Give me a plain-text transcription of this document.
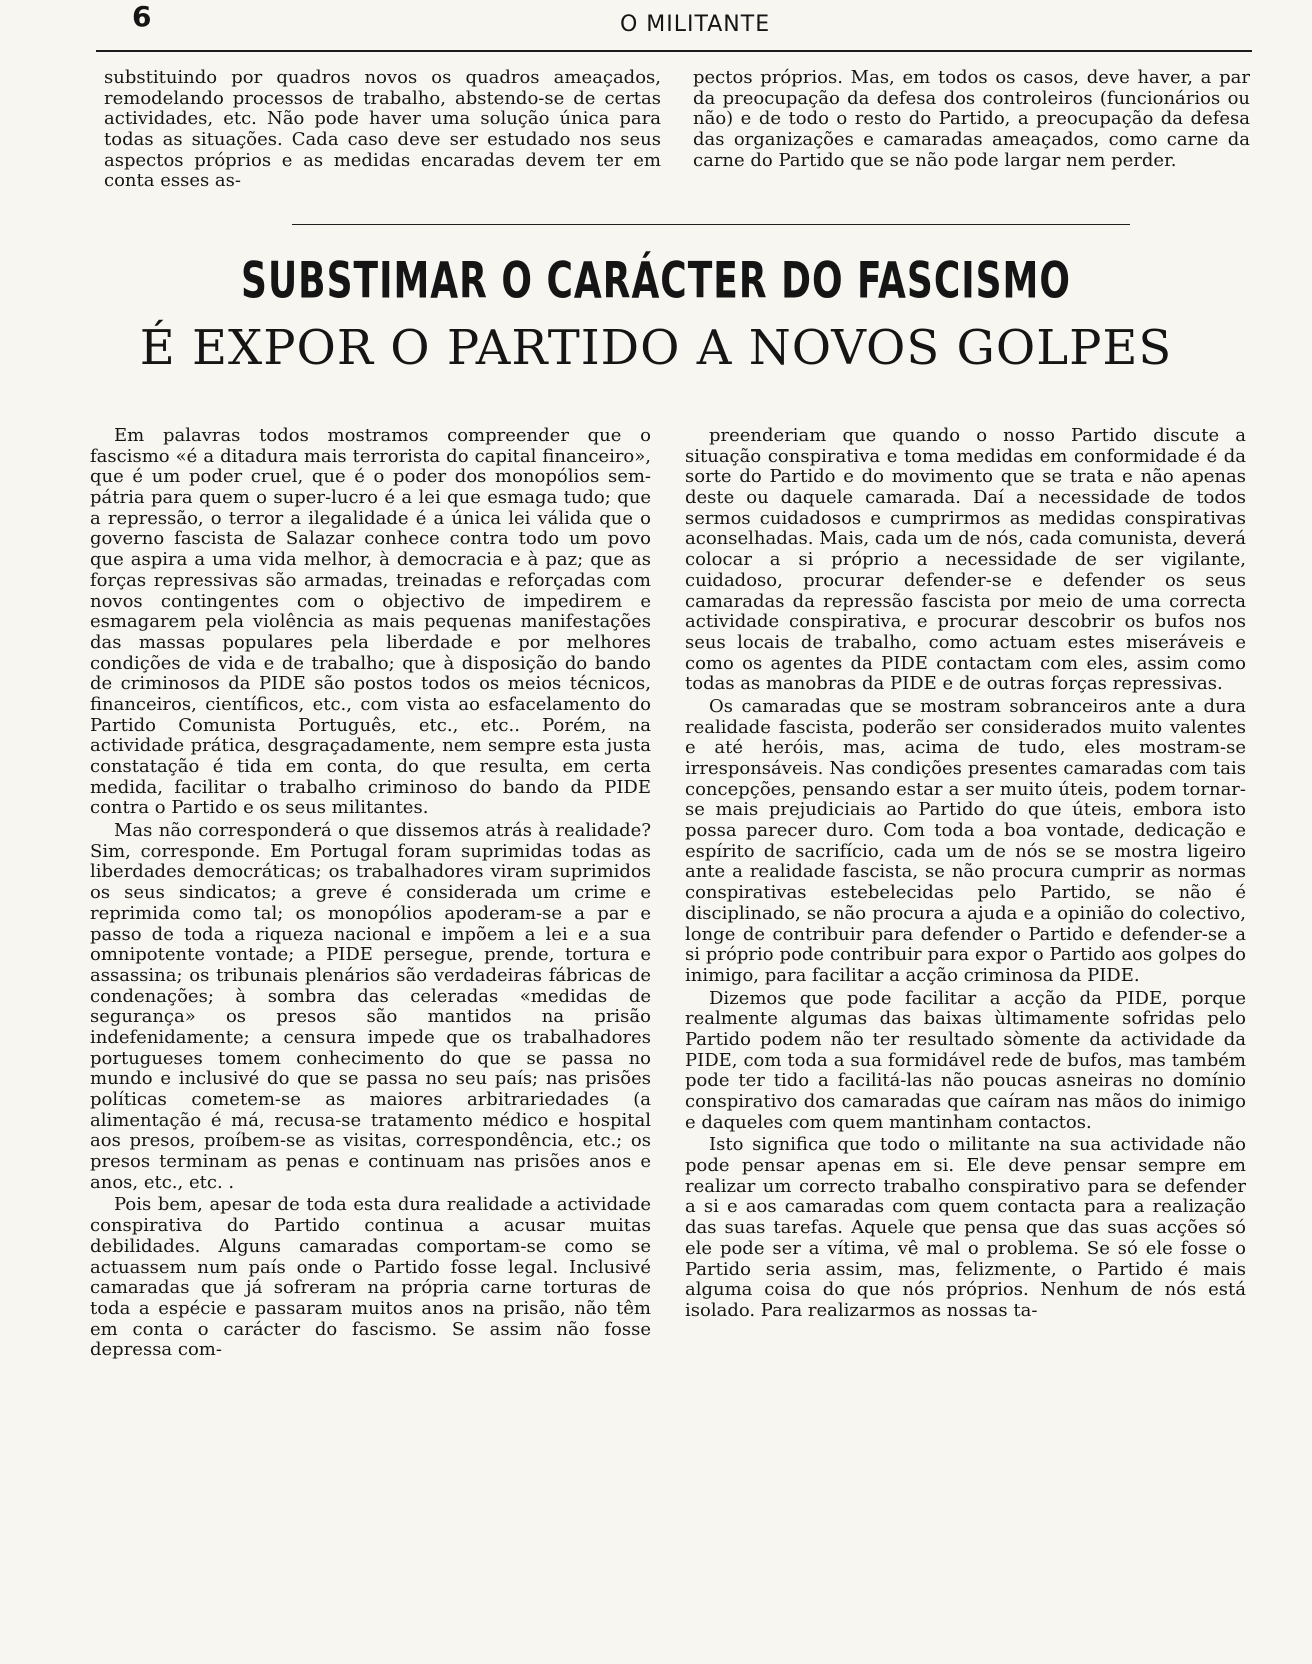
6	O MILITANTE

substituindo por quadros novos os quadros ameaçados, remodelando processos de trabalho, abstendo-se de certas actividades, etc. Não pode haver uma solução única para todas as situações. Cada caso deve ser estudado nos seus aspectos próprios e as medidas encaradas devem ter em conta esses as-

pectos próprios. Mas, em todos os casos, deve haver, a par da preocupação da defesa dos controleiros (funcionários ou não) e de todo o resto do Partido, a preocupação da defesa das organizações e camaradas ameaçados, como carne da carne do Partido que se não pode largar nem perder.

SUBSTIMAR O CARÁCTER DO FASCISMO
É EXPOR O PARTIDO A NOVOS GOLPES

Em palavras todos mostramos compreender que o fascismo «é a ditadura mais terrorista do capital financeiro», que é um poder cruel, que é o poder dos monopólios sem-pátria para quem o super-lucro é a lei que esmaga tudo; que a repressão, o terror a ilegalidade é a única lei válida que o governo fascista de Salazar conhece contra todo um povo que aspira a uma vida melhor, à democracia e à paz; que as forças repressivas são armadas, treinadas e reforçadas com novos contingentes com o objectivo de impedirem e esmagarem pela violência as mais pequenas manifestações das massas populares pela liberdade e por melhores condições de vida e de trabalho; que à disposição do bando de criminosos da PIDE são postos todos os meios técnicos, financeiros, científicos, etc., com vista ao esfacelamento do Partido Comunista Português, etc., etc.. Porém, na actividade prática, desgraçadamente, nem sempre esta justa constatação é tida em conta, do que resulta, em certa medida, facilitar o trabalho criminoso do bando da PIDE contra o Partido e os seus militantes.

Mas não corresponderá o que dissemos atrás à realidade? Sim, corresponde. Em Portugal foram suprimidas todas as liberdades democráticas; os trabalhadores viram suprimidos os seus sindicatos; a greve é considerada um crime e reprimida como tal; os monopólios apoderam-se a par e passo de toda a riqueza nacional e impõem a lei e a sua omnipotente vontade; a PIDE persegue, prende, tortura e assassina; os tribunais plenários são verdadeiras fábricas de condenações; à sombra das celeradas «medidas de segurança» os presos são mantidos na prisão indefenidamente; a censura impede que os trabalhadores portugueses tomem conhecimento do que se passa no mundo e inclusivé do que se passa no seu país; nas prisões políticas cometem-se as maiores arbitrariedades (a alimentação é má, recusa-se tratamento médico e hospital aos presos, proíbem-se as visitas, correspondência, etc.; os presos terminam as penas e continuam nas prisões anos e anos, etc., etc. .

Pois bem, apesar de toda esta dura realidade a actividade conspirativa do Partido continua a acusar muitas debilidades. Alguns camaradas comportam-se como se actuassem num país onde o Partido fosse legal. Inclusivé camaradas que já sofreram na própria carne torturas de toda a espécie e passaram muitos anos na prisão, não têm em conta o carácter do fascismo. Se assim não fosse depressa com-

preenderiam que quando o nosso Partido discute a situação conspirativa e toma medidas em conformidade é da sorte do Partido e do movimento que se trata e não apenas deste ou daquele camarada. Daí a necessidade de todos sermos cuidadosos e cumprirmos as medidas conspirativas aconselhadas. Mais, cada um de nós, cada comunista, deverá colocar a si próprio a necessidade de ser vigilante, cuidadoso, procurar defender-se e defender os seus camaradas da repressão fascista por meio de uma correcta actividade conspirativa, e procurar descobrir os bufos nos seus locais de trabalho, como actuam estes miseráveis e como os agentes da PIDE contactam com eles, assim como todas as manobras da PIDE e de outras forças repressivas.

Os camaradas que se mostram sobranceiros ante a dura realidade fascista, poderão ser considerados muito valentes e até heróis, mas, acima de tudo, eles mostram-se irresponsáveis. Nas condições presentes camaradas com tais concepções, pensando estar a ser muito úteis, podem tornar-se mais prejudiciais ao Partido do que úteis, embora isto possa parecer duro. Com toda a boa vontade, dedicação e espírito de sacrifício, cada um de nós se se mostra ligeiro ante a realidade fascista, se não procura cumprir as normas conspirativas estebelecidas pelo Partido, se não é disciplinado, se não procura a ajuda e a opinião do colectivo, longe de contribuir para defender o Partido e defender-se a si próprio pode contribuir para expor o Partido aos golpes do inimigo, para facilitar a acção criminosa da PIDE.

Dizemos que pode facilitar a acção da PIDE, porque realmente algumas das baixas ùltimamente sofridas pelo Partido podem não ter resultado sòmente da actividade da PIDE, com toda a sua formidável rede de bufos, mas também pode ter tido a facilitá-las não poucas asneiras no domínio conspirativo dos camaradas que caíram nas mãos do inimigo e daqueles com quem mantinham contactos.

Isto significa que todo o militante na sua actividade não pode pensar apenas em si. Ele deve pensar sempre em realizar um correcto trabalho conspirativo para se defender a si e aos camaradas com quem contacta para a realização das suas tarefas. Aquele que pensa que das suas acções só ele pode ser a vítima, vê mal o problema. Se só ele fosse o Partido seria assim, mas, felizmente, o Partido é mais alguma coisa do que nós próprios. Nenhum de nós está isolado. Para realizarmos as nossas ta-
